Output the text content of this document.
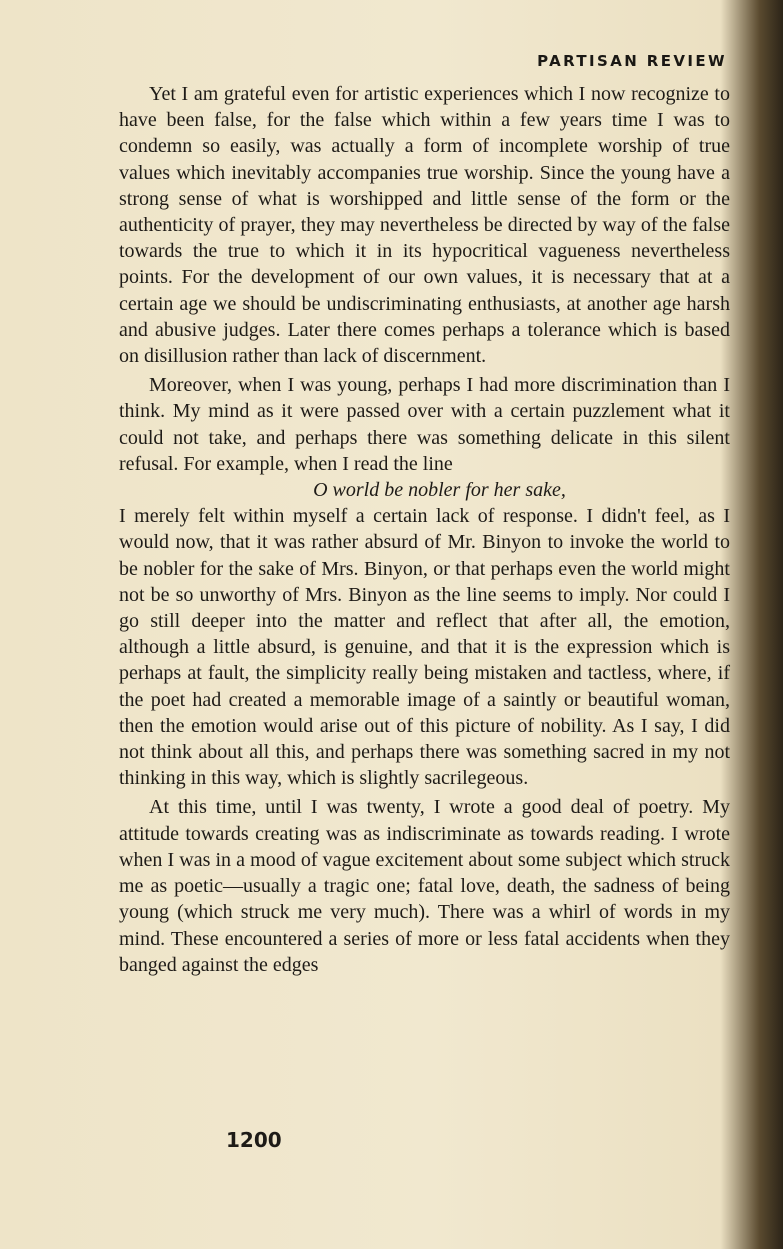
PARTISAN REVIEW

Yet I am grateful even for artistic experiences which I now recognize to have been false, for the false which within a few years time I was to condemn so easily, was actually a form of incomplete worship of true values which inevitably accompanies true worship. Since the young have a strong sense of what is worshipped and little sense of the form or the authenticity of prayer, they may nevertheless be directed by way of the false towards the true to which it in its hypocritical vagueness nevertheless points. For the development of our own values, it is necessary that at a certain age we should be undiscriminating enthusiasts, at another age harsh and abusive judges. Later there comes perhaps a tolerance which is based on disillusion rather than lack of discernment.

Moreover, when I was young, perhaps I had more discrimination than I think. My mind as it were passed over with a certain puzzlement what it could not take, and perhaps there was something delicate in this silent refusal. For example, when I read the line

O world be nobler for her sake,

I merely felt within myself a certain lack of response. I didn't feel, as I would now, that it was rather absurd of Mr. Binyon to invoke the world to be nobler for the sake of Mrs. Binyon, or that perhaps even the world might not be so unworthy of Mrs. Binyon as the line seems to imply. Nor could I go still deeper into the matter and reflect that after all, the emotion, although a little absurd, is genuine, and that it is the expression which is perhaps at fault, the simplicity really being mistaken and tactless, where, if the poet had created a memorable image of a saintly or beautiful woman, then the emotion would arise out of this picture of nobility. As I say, I did not think about all this, and perhaps there was something sacred in my not thinking in this way, which is slightly sacrilegeous.

At this time, until I was twenty, I wrote a good deal of poetry. My attitude towards creating was as indiscriminate as towards reading. I wrote when I was in a mood of vague excitement about some subject which struck me as poetic—usually a tragic one; fatal love, death, the sadness of being young (which struck me very much). There was a whirl of words in my mind. These encountered a series of more or less fatal accidents when they banged against the edges

1200
